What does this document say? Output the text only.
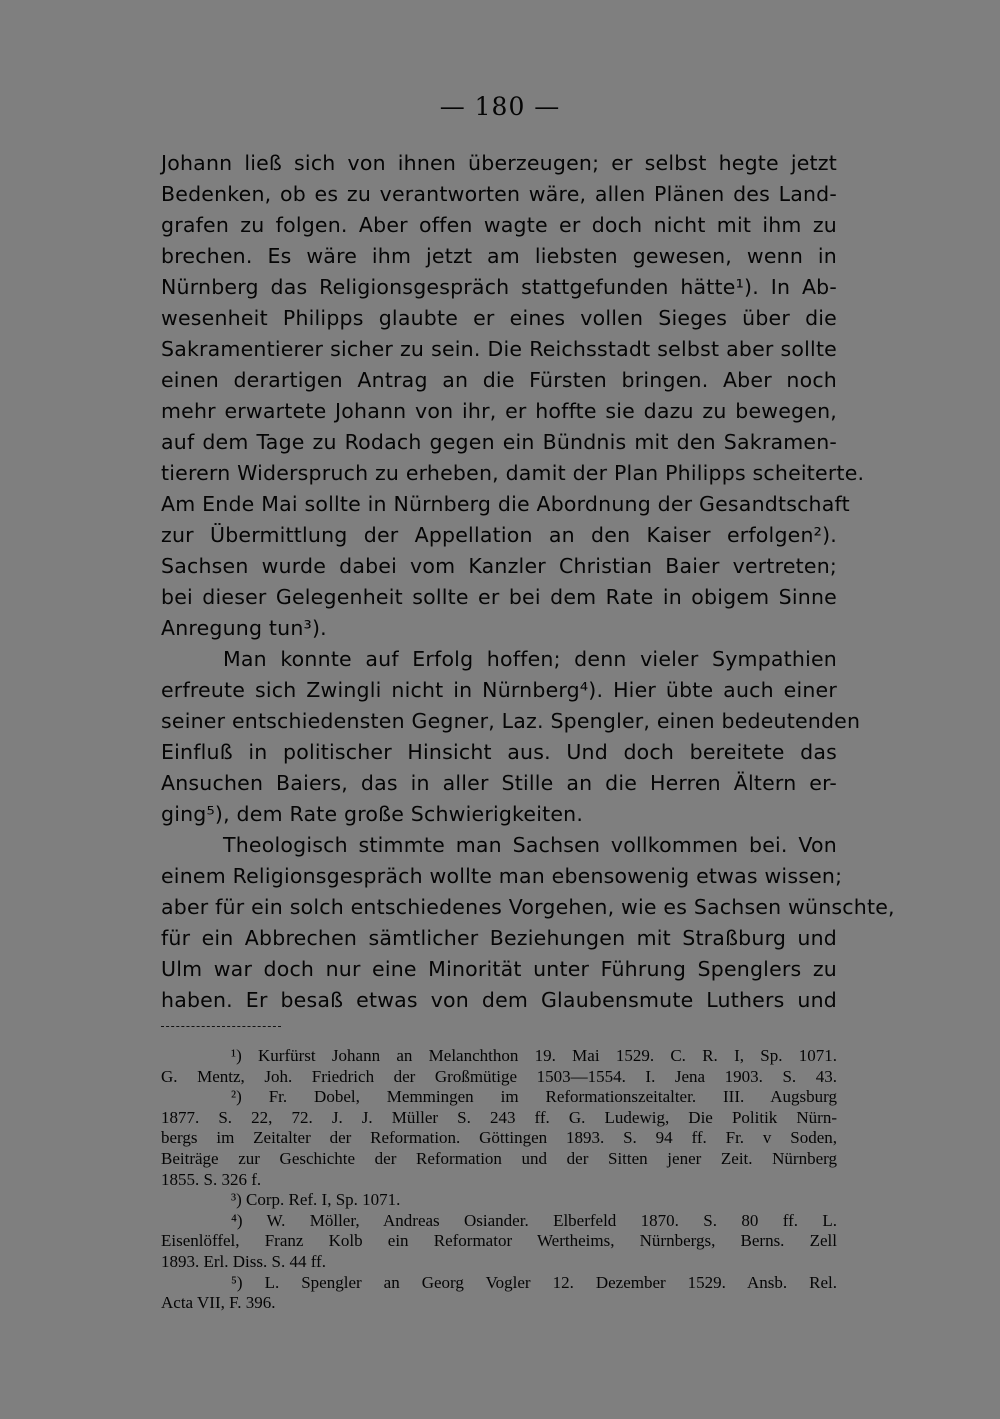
— 180 —
Johann ließ sich von ihnen überzeugen; er selbst hegte jetzt
Bedenken, ob es zu verantworten wäre, allen Plänen des Land-
grafen zu folgen. Aber offen wagte er doch nicht mit ihm zu
brechen. Es wäre ihm jetzt am liebsten gewesen, wenn in
Nürnberg das Religionsgespräch stattgefunden hätte¹). In Ab-
wesenheit Philipps glaubte er eines vollen Sieges über die
Sakramentierer sicher zu sein. Die Reichsstadt selbst aber sollte
einen derartigen Antrag an die Fürsten bringen. Aber noch
mehr erwartete Johann von ihr, er hoffte sie dazu zu bewegen,
auf dem Tage zu Rodach gegen ein Bündnis mit den Sakramen-
tierern Widerspruch zu erheben, damit der Plan Philipps scheiterte.
Am Ende Mai sollte in Nürnberg die Abordnung der Gesandtschaft
zur Übermittlung der Appellation an den Kaiser erfolgen²).
Sachsen wurde dabei vom Kanzler Christian Baier vertreten;
bei dieser Gelegenheit sollte er bei dem Rate in obigem Sinne
Anregung tun³).
Man konnte auf Erfolg hoffen; denn vieler Sympathien
erfreute sich Zwingli nicht in Nürnberg⁴). Hier übte auch einer
seiner entschiedensten Gegner, Laz. Spengler, einen bedeutenden
Einfluß in politischer Hinsicht aus. Und doch bereitete das
Ansuchen Baiers, das in aller Stille an die Herren Ältern er-
ging⁵), dem Rate große Schwierigkeiten.
Theologisch stimmte man Sachsen vollkommen bei. Von
einem Religionsgespräch wollte man ebensowenig etwas wissen;
aber für ein solch entschiedenes Vorgehen, wie es Sachsen wünschte,
für ein Abbrechen sämtlicher Beziehungen mit Straßburg und
Ulm war doch nur eine Minorität unter Führung Spenglers zu
haben. Er besaß etwas von dem Glaubensmute Luthers und
¹) Kurfürst Johann an Melanchthon 19. Mai 1529. C. R. I, Sp. 1071.
G. Mentz, Joh. Friedrich der Großmütige 1503—1554. I. Jena 1903. S. 43.
²) Fr. Dobel, Memmingen im Reformationszeitalter. III. Augsburg
1877. S. 22, 72. J. J. Müller S. 243 ff. G. Ludewig, Die Politik Nürn-
bergs im Zeitalter der Reformation. Göttingen 1893. S. 94 ff. Fr. v Soden,
Beiträge zur Geschichte der Reformation und der Sitten jener Zeit. Nürnberg
1855. S. 326 f.
³) Corp. Ref. I, Sp. 1071.
⁴) W. Möller, Andreas Osiander. Elberfeld 1870. S. 80 ff. L.
Eisenlöffel, Franz Kolb ein Reformator Wertheims, Nürnbergs, Berns. Zell
1893. Erl. Diss. S. 44 ff.
⁵) L. Spengler an Georg Vogler 12. Dezember 1529. Ansb. Rel.
Acta VII, F. 396.
